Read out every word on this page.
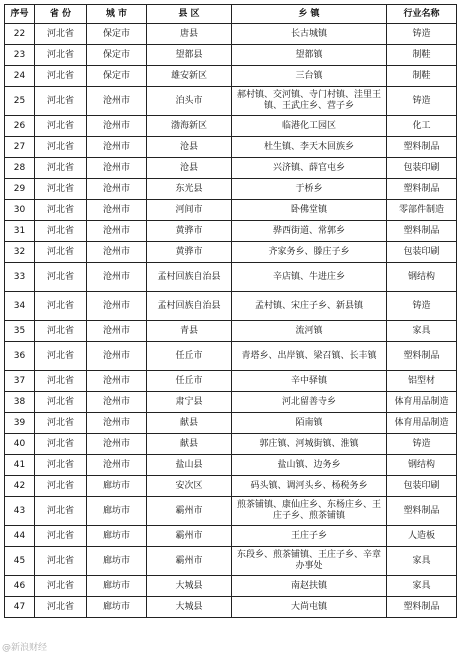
序号	省 份	城 市	县 区	乡 镇	行业名称
22	河北省	保定市	唐县	长古城镇	铸造
23	河北省	保定市	望都县	望都镇	制鞋
24	河北省	保定市	雄安新区	三台镇	制鞋
25	河北省	沧州市	泊头市	郝村镇、交河镇、寺门村镇、洼里王镇、王武庄乡、营子乡	铸造
26	河北省	沧州市	渤海新区	临港化工园区	化工
27	河北省	沧州市	沧县	杜生镇、李天木回族乡	塑料制品
28	河北省	沧州市	沧县	兴济镇、薛官屯乡	包装印刷
29	河北省	沧州市	东光县	于桥乡	塑料制品
30	河北省	沧州市	河间市	卧佛堂镇	零部件制造
31	河北省	沧州市	黄骅市	骅西街道、常郭乡	塑料制品
32	河北省	沧州市	黄骅市	齐家务乡、滕庄子乡	包装印刷
33	河北省	沧州市	孟村回族自治县	辛店镇、牛进庄乡	钢结构
34	河北省	沧州市	孟村回族自治县	孟村镇、宋庄子乡、新县镇	铸造
35	河北省	沧州市	青县	流河镇	家具
36	河北省	沧州市	任丘市	青塔乡、出岸镇、梁召镇、长丰镇	塑料制品
37	河北省	沧州市	任丘市	辛中驿镇	铝型材
38	河北省	沧州市	肃宁县	河北留善寺乡	体育用品制造
39	河北省	沧州市	献县	陌南镇	体育用品制造
40	河北省	沧州市	献县	郭庄镇、河城街镇、淮镇	铸造
41	河北省	沧州市	盐山县	盐山镇、边务乡	钢结构
42	河北省	廊坊市	安次区	码头镇、调河头乡、杨税务乡	包装印刷
43	河北省	廊坊市	霸州市	煎茶铺镇、康仙庄乡、东杨庄乡、王庄子乡、煎茶铺镇	塑料制品
44	河北省	廊坊市	霸州市	王庄子乡	人造板
45	河北省	廊坊市	霸州市	东段乡、煎茶铺镇、王庄子乡、辛章办事处	家具
46	河北省	廊坊市	大城县	南赵扶镇	家具
47	河北省	廊坊市	大城县	大尚屯镇	塑料制品
@新浪财经
